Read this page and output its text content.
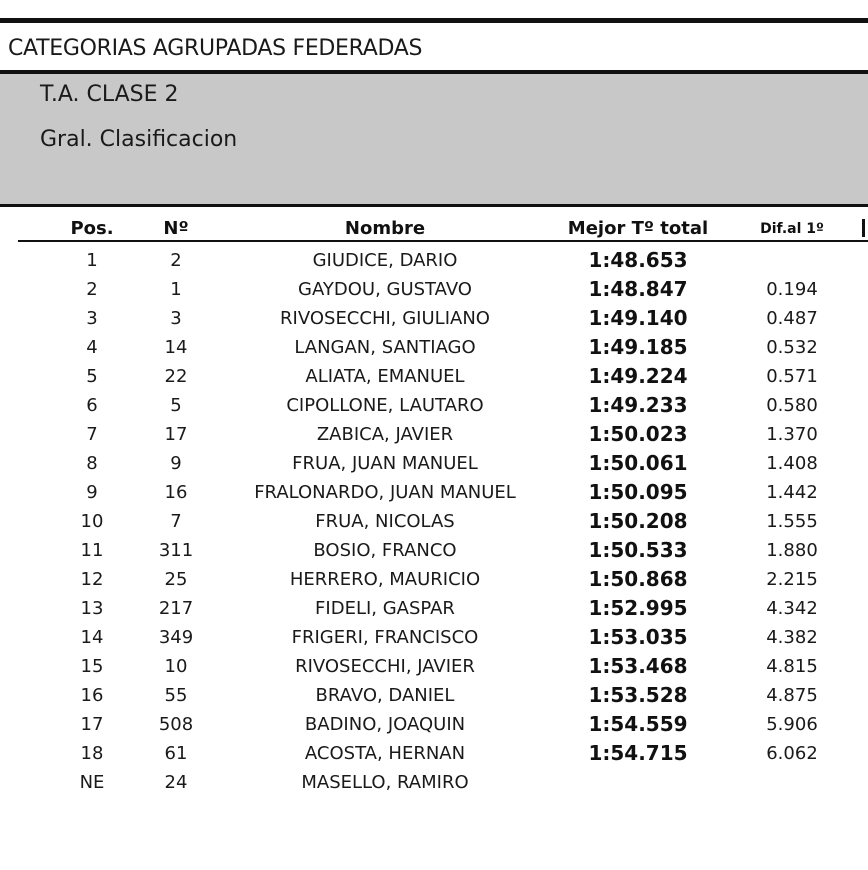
CATEGORIAS AGRUPADAS FEDERADAS
T.A. CLASE 2
Gral. Clasificacion
Pos.	Nº	Nombre	Mejor Tº total	Dif.al 1º
1	2	GIUDICE, DARIO	1:48.653
2	1	GAYDOU, GUSTAVO	1:48.847	0.194
3	3	RIVOSECCHI, GIULIANO	1:49.140	0.487
4	14	LANGAN, SANTIAGO	1:49.185	0.532
5	22	ALIATA, EMANUEL	1:49.224	0.571
6	5	CIPOLLONE, LAUTARO	1:49.233	0.580
7	17	ZABICA, JAVIER	1:50.023	1.370
8	9	FRUA, JUAN MANUEL	1:50.061	1.408
9	16	FRALONARDO, JUAN MANUEL	1:50.095	1.442
10	7	FRUA, NICOLAS	1:50.208	1.555
11	311	BOSIO, FRANCO	1:50.533	1.880
12	25	HERRERO, MAURICIO	1:50.868	2.215
13	217	FIDELI, GASPAR	1:52.995	4.342
14	349	FRIGERI, FRANCISCO	1:53.035	4.382
15	10	RIVOSECCHI, JAVIER	1:53.468	4.815
16	55	BRAVO, DANIEL	1:53.528	4.875
17	508	BADINO, JOAQUIN	1:54.559	5.906
18	61	ACOSTA, HERNAN	1:54.715	6.062
NE	24	MASELLO, RAMIRO
